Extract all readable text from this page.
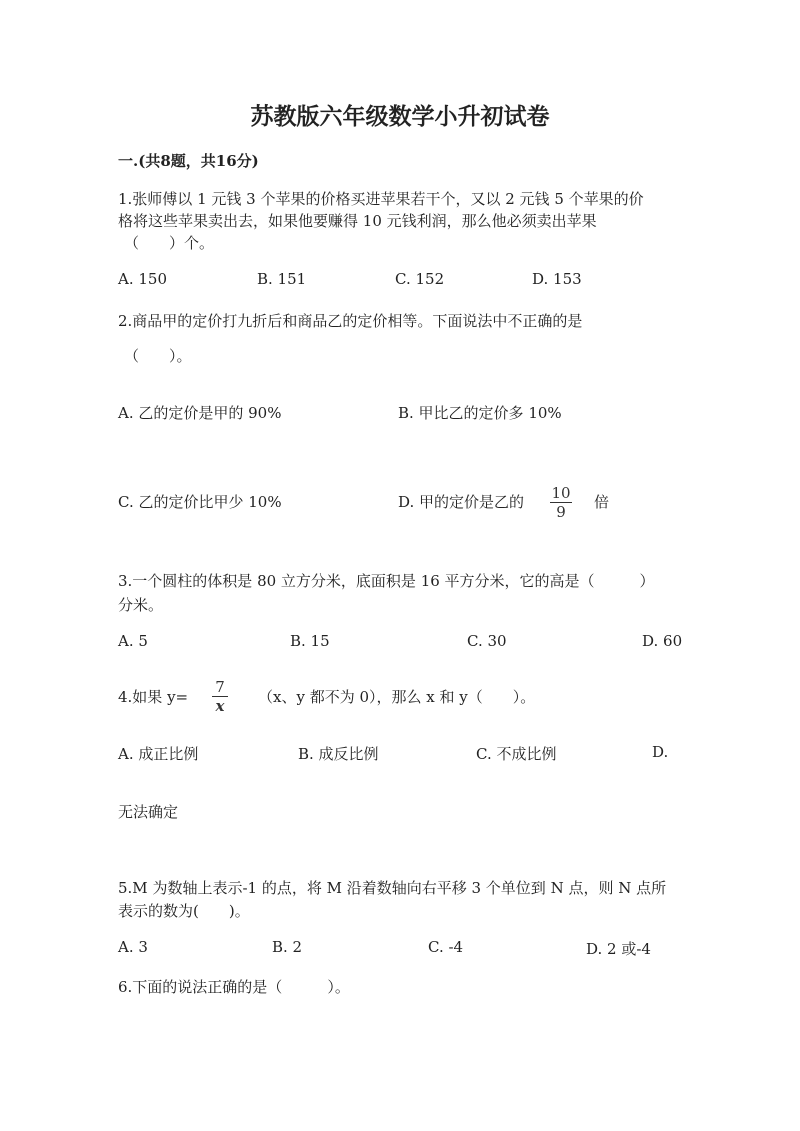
苏教版六年级数学小升初试卷
一.(共8题，共16分)
1.张师傅以 1 元钱 3 个苹果的价格买进苹果若干个，又以 2 元钱 5 个苹果的价
格将这些苹果卖出去，如果他要赚得 10 元钱利润，那么他必须卖出苹果
（　　）个。
A. 150	B. 151	C. 152	D. 153
2.商品甲的定价打九折后和商品乙的定价相等。下面说法中不正确的是
（　　）。
A. 乙的定价是甲的 90%	B. 甲比乙的定价多 10%
C. 乙的定价比甲少 10%	D. 甲的定价是乙的 10
9
倍
3.一个圆柱的体积是 80 立方分米，底面积是 16 平方分米，它的高是（　　　）
分米。
A. 5	B. 15	C. 30	D. 60
4.如果 y=
7
x （x、y 都不为 0），那么 x 和 y（　　）。
A. 成正比例	B. 成反比例	C. 不成比例	D.
无法确定
5.M 为数轴上表示-1 的点，将 M 沿着数轴向右平移 3 个单位到 N 点，则 N 点所
表示的数为(　　)。
A. 3	B. 2	C. -4	D. 2 或-4
6.下面的说法正确的是（　　　）。
